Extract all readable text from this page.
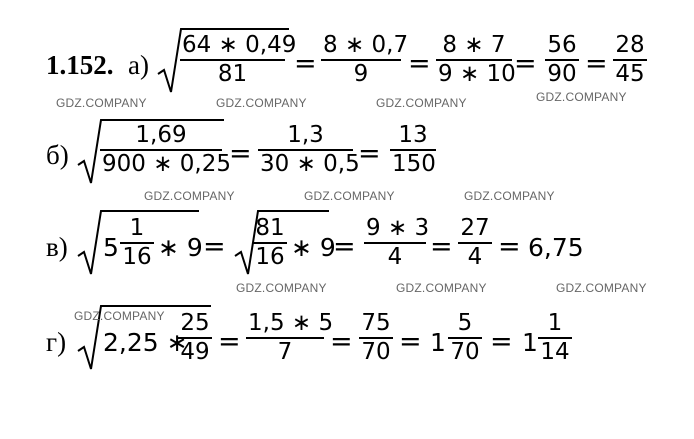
1.152. а)
64 ∗ 0,49
81	=
8 ∗ 0,7
9	=
8 ∗ 7
9 ∗ 10
=
56
90 =
28
45
б)
1,69
900 ∗ 0,25
=
1,3
30 ∗ 0,5
=
13
150
в) 5
1
16 ∗ 9 =
81
16 ∗ 9
=
9 ∗ 3
4	=
27
4 = 6,75
г) 2,25 ∗
25
49 =
1,5 ∗ 5
7	=
75
70 = 1
5
70 = 1
1
14
GDZ.COMPANY	GDZ.COMPANY	GDZ.COMPANY	GDZ.COMPANY
GDZ.COMPANY	GDZ.COMPANY	GDZ.COMPANY
GDZ.COMPANY	GDZ.COMPANY	GDZ.COMPANY
GDZ.COMPANY
